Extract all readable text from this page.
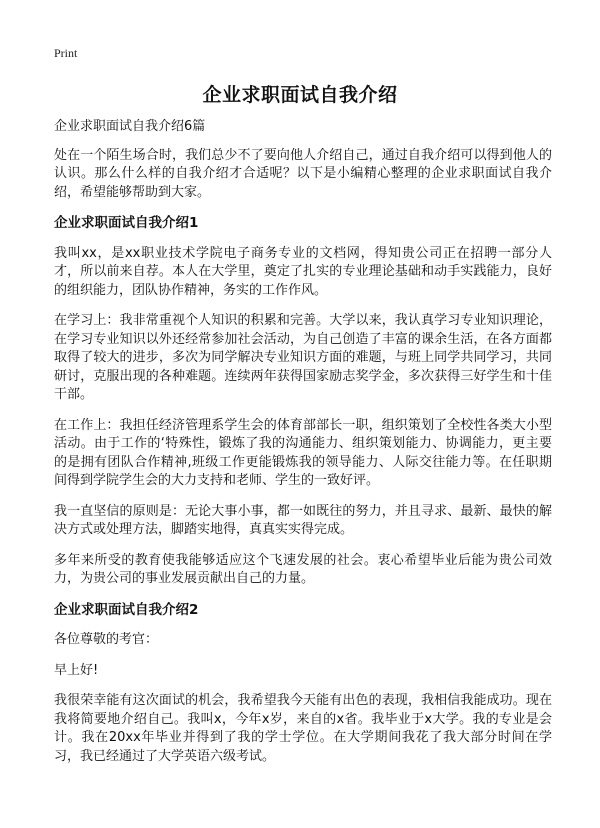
Print
企业求职面试自我介绍

企业求职面试自我介绍6篇

处在一个陌生场合时，我们总少不了要向他人介绍自己，通过自我介绍可以得到他人的认识。那么什么样的自我介绍才合适呢？以下是小编精心整理的企业求职面试自我介绍，希望能够帮助到大家。

企业求职面试自我介绍1

我叫xx，是xx职业技术学院电子商务专业的文档网，得知贵公司正在招聘一部分人才，所以前来自荐。本人在大学里，奠定了扎实的专业理论基础和动手实践能力，良好的组织能力，团队协作精神，务实的工作作风。

在学习上：我非常重视个人知识的积累和完善。大学以来，我认真学习专业知识理论，在学习专业知识以外还经常参加社会活动，为自己创造了丰富的课余生活，在各方面都取得了较大的进步，多次为同学解决专业知识方面的难题，与班上同学共同学习，共同研讨，克服出现的各种难题。连续两年获得国家励志奖学金，多次获得三好学生和十佳干部。

在工作上：我担任经济管理系学生会的体育部部长一职，组织策划了全校性各类大小型活动。由于工作的‘特殊性，锻炼了我的沟通能力、组织策划能力、协调能力，更主要的是拥有团队合作精神,班级工作更能锻炼我的领导能力、人际交往能力等。在任职期间得到学院学生会的大力支持和老师、学生的一致好评。

我一直坚信的原则是：无论大事小事，都一如既往的努力，并且寻求、最新、最快的解决方式或处理方法，脚踏实地得，真真实实得完成。

多年来所受的教育使我能够适应这个飞速发展的社会。衷心希望毕业后能为贵公司效力，为贵公司的事业发展贡献出自己的力量。

企业求职面试自我介绍2

各位尊敬的考官：

早上好!

我很荣幸能有这次面试的机会，我希望我今天能有出色的表现，我相信我能成功。现在我将简要地介绍自己。我叫x，今年x岁，来自的x省。我毕业于x大学。我的专业是会计。我在20xx年毕业并得到了我的学士学位。在大学期间我花了我大部分时间在学习，我已经通过了大学英语六级考试。
